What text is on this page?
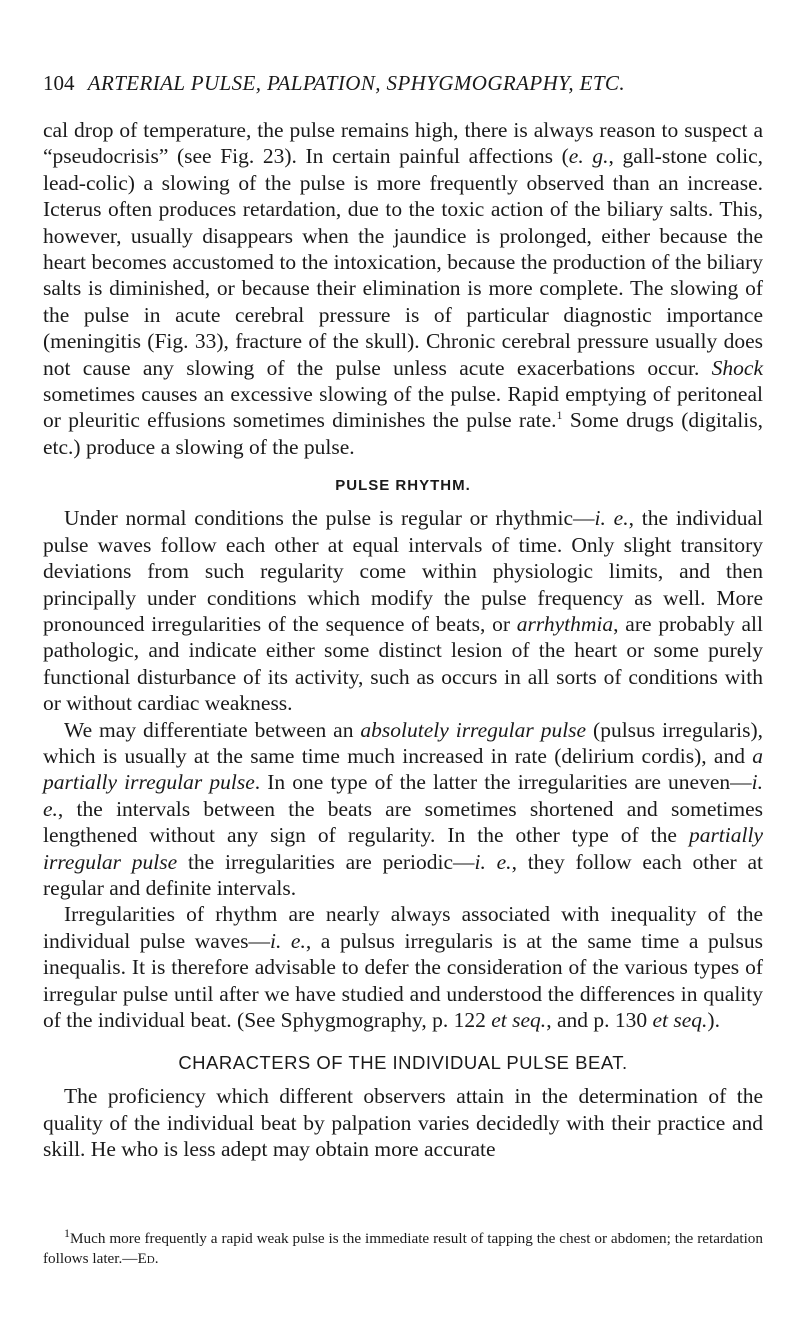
104 ARTERIAL PULSE, PALPATION, SPHYGMOGRAPHY, ETC.

cal drop of temperature, the pulse remains high, there is always reason to suspect a “pseudocrisis” (see Fig. 23). In certain painful affections (e. g., gall-stone colic, lead-colic) a slowing of the pulse is more frequently observed than an increase. Icterus often produces retardation, due to the toxic action of the biliary salts. This, however, usually disappears when the jaundice is prolonged, either because the heart becomes accustomed to the intoxication, because the production of the biliary salts is diminished, or because their elimination is more complete. The slowing of the pulse in acute cerebral pressure is of particular diagnostic importance (meningitis (Fig. 33), fracture of the skull). Chronic cerebral pressure usually does not cause any slowing of the pulse unless acute exacerbations occur. Shock sometimes causes an excessive slowing of the pulse. Rapid emptying of peritoneal or pleuritic effusions sometimes diminishes the pulse rate.$^1$ Some drugs (digitalis, etc.) produce a slowing of the pulse.

PULSE RHYTHM.

Under normal conditions the pulse is regular or rhythmic—i. e., the individual pulse waves follow each other at equal intervals of time. Only slight transitory deviations from such regularity come within physiologic limits, and then principally under conditions which modify the pulse frequency as well. More pronounced irregularities of the sequence of beats, or arrhythmia, are probably all pathologic, and indicate either some distinct lesion of the heart or some purely functional disturbance of its activity, such as occurs in all sorts of conditions with or without cardiac weakness.

We may differentiate between an absolutely irregular pulse (pulsus irregularis), which is usually at the same time much increased in rate (delirium cordis), and a partially irregular pulse. In one type of the latter the irregularities are uneven—i. e., the intervals between the beats are sometimes shortened and sometimes lengthened without any sign of regularity. In the other type of the partially irregular pulse the irregularities are periodic—i. e., they follow each other at regular and definite intervals.

Irregularities of rhythm are nearly always associated with inequality of the individual pulse waves—i. e., a pulsus irregularis is at the same time a pulsus inequalis. It is therefore advisable to defer the consideration of the various types of irregular pulse until after we have studied and understood the differences in quality of the individual beat. (See Sphygmography, p. 122 et seq., and p. 130 et seq.).

CHARACTERS OF THE INDIVIDUAL PULSE BEAT.

The proficiency which different observers attain in the determination of the quality of the individual beat by palpation varies decidedly with their practice and skill. He who is less adept may obtain more accurate

$^1$Much more frequently a rapid weak pulse is the immediate result of tapping the chest or abdomen; the retardation follows later.—Ed.
